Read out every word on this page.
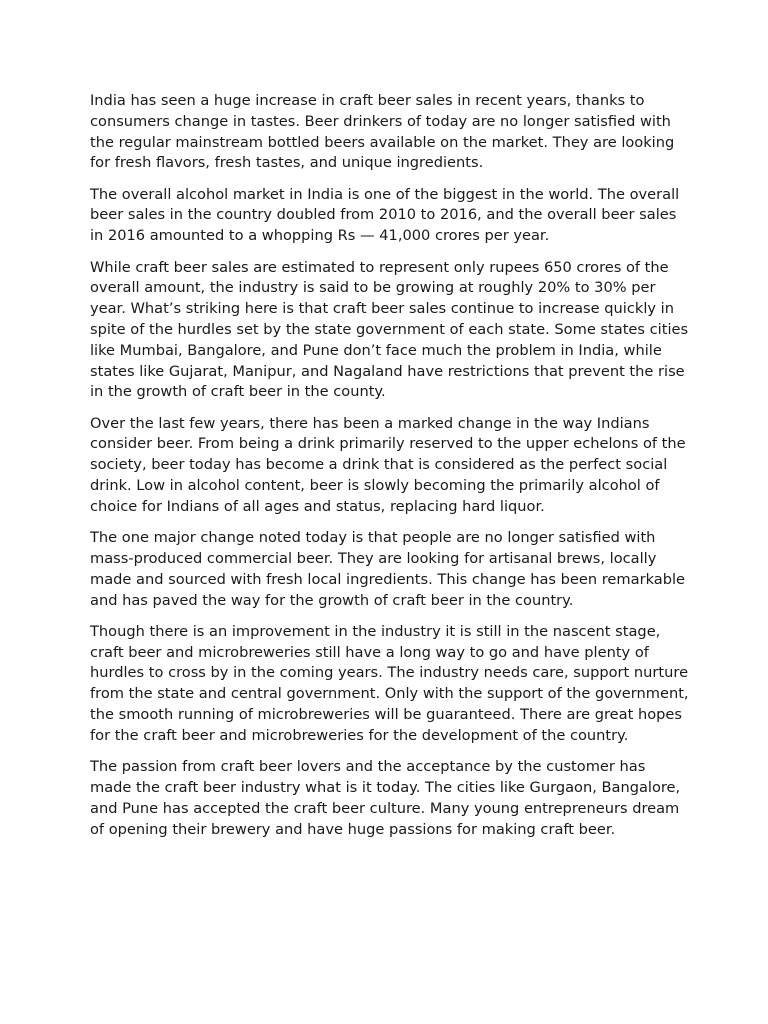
India has seen a huge increase in craft beer sales in recent years, thanks to consumers change in tastes. Beer drinkers of today are no longer satisfied with the regular mainstream bottled beers available on the market. They are looking for fresh flavors, fresh tastes, and unique ingredients.

The overall alcohol market in India is one of the biggest in the world. The overall beer sales in the country doubled from 2010 to 2016, and the overall beer sales in 2016 amounted to a whopping Rs — 41,000 crores per year.

While craft beer sales are estimated to represent only rupees 650 crores of the overall amount, the industry is said to be growing at roughly 20% to 30% per year. What’s striking here is that craft beer sales continue to increase quickly in spite of the hurdles set by the state government of each state. Some states cities like Mumbai, Bangalore, and Pune don’t face much the problem in India, while states like Gujarat, Manipur, and Nagaland have restrictions that prevent the rise in the growth of craft beer in the county.

Over the last few years, there has been a marked change in the way Indians consider beer. From being a drink primarily reserved to the upper echelons of the society, beer today has become a drink that is considered as the perfect social drink. Low in alcohol content, beer is slowly becoming the primarily alcohol of choice for Indians of all ages and status, replacing hard liquor.

The one major change noted today is that people are no longer satisfied with mass-produced commercial beer. They are looking for artisanal brews, locally made and sourced with fresh local ingredients. This change has been remarkable and has paved the way for the growth of craft beer in the country.

Though there is an improvement in the industry it is still in the nascent stage, craft beer and microbreweries still have a long way to go and have plenty of hurdles to cross by in the coming years. The industry needs care, support nurture from the state and central government. Only with the support of the government, the smooth running of microbreweries will be guaranteed. There are great hopes for the craft beer and microbreweries for the development of the country.

The passion from craft beer lovers and the acceptance by the customer has made the craft beer industry what is it today. The cities like Gurgaon, Bangalore, and Pune has accepted the craft beer culture. Many young entrepreneurs dream of opening their brewery and have huge passions for making craft beer.
